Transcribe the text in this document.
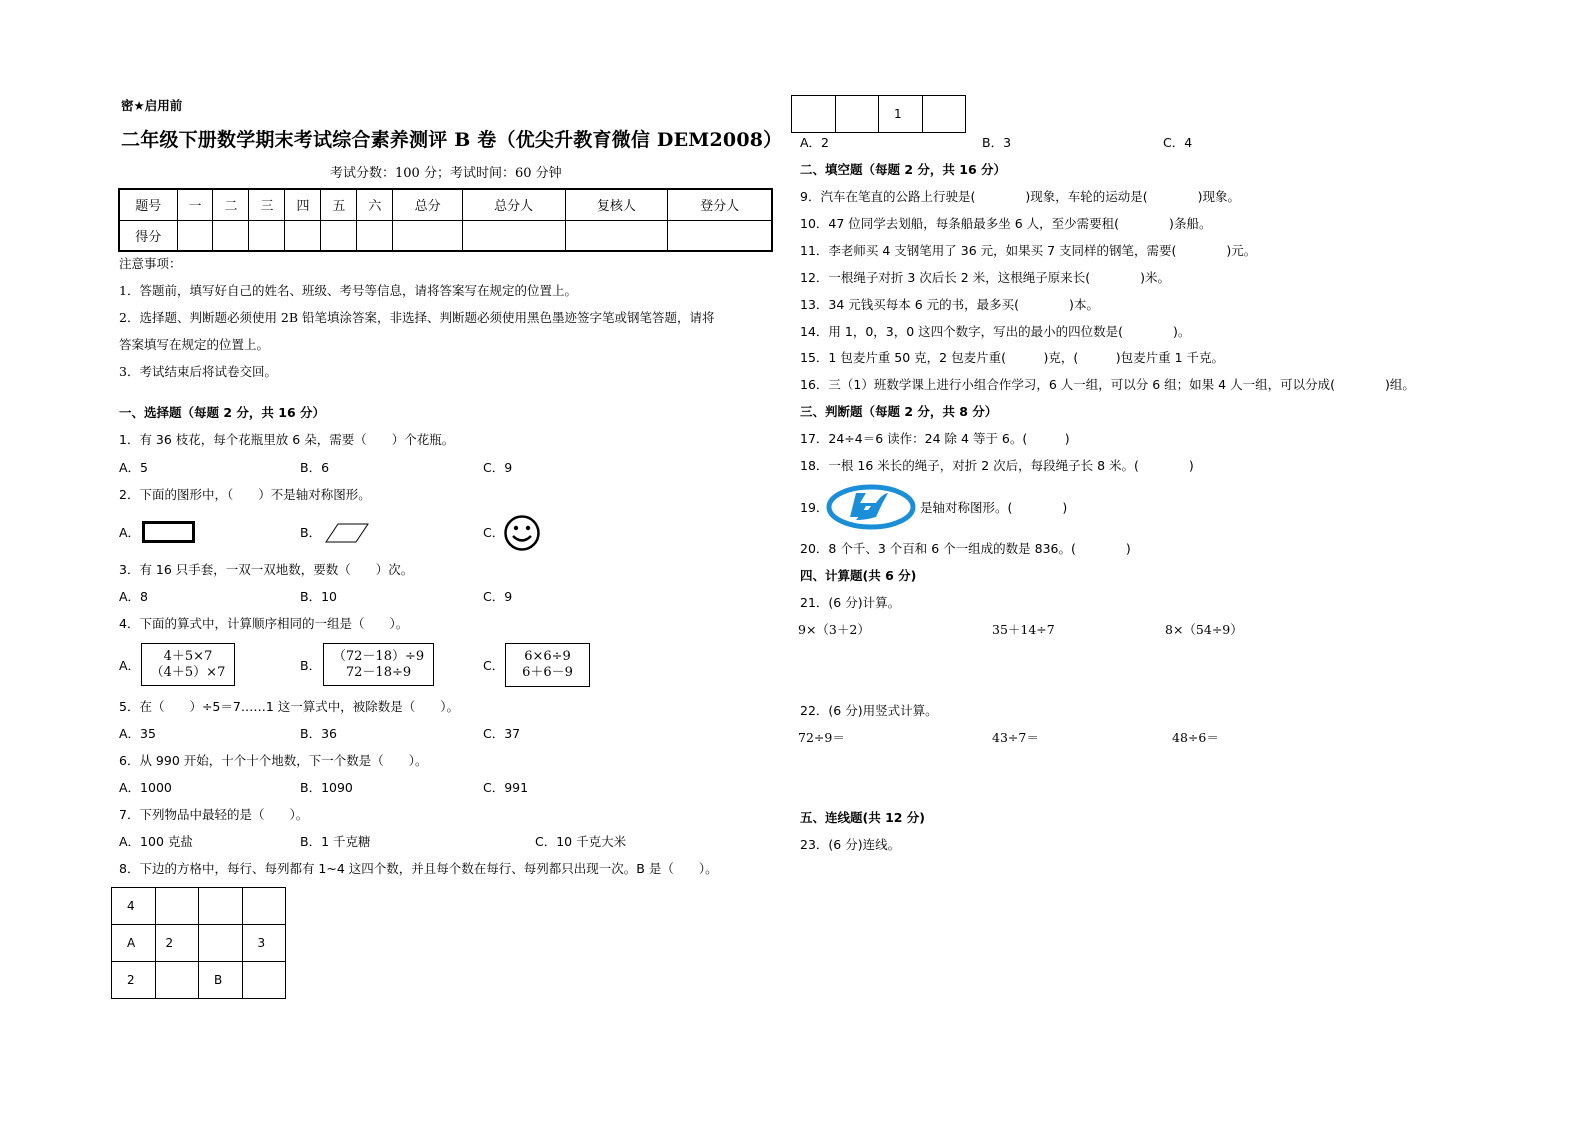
密★启用前
二年级下册数学期末考试综合素养测评 B 卷（优尖升教育微信 DEM2008）
考试分数：100 分；考试时间：60 分钟
题号	一	二	三	四	五	六	总分	总分人	复核人	登分人
得分										
注意事项：
1．答题前，填写好自己的姓名、班级、考号等信息，请将答案写在规定的位置上。
2．选择题、判断题必须使用 2B 铅笔填涂答案，非选择、判断题必须使用黑色墨迹签字笔或钢笔答题，请将
答案填写在规定的位置上。
3．考试结束后将试卷交回。
一、选择题（每题 2 分，共 16 分）
1．有 36 枝花，每个花瓶里放 6 朵，需要（　　）个花瓶。
A．5	B．6	C．9
2．下面的图形中，（　　）不是轴对称图形。
A．	B．	C．
3．有 16 只手套，一双一双地数，要数（　　）次。
A．8	B．10	C．9
4．下面的算式中，计算顺序相同的一组是（　　）。
A．
4＋5×7
（4＋5）×7	B．
（72－18）÷9
72－18÷9	C．
6×6÷9
6＋6－9
5．在（　　）÷5＝7……1 这一算式中，被除数是（　　）。
A．35	B．36	C．37
6．从 990 开始，十个十个地数，下一个数是（　　）。
A．1000	B．1090	C．991
7．下列物品中最轻的是（　　）。
A．100 克盐	B．1 千克糖	C．10 千克大米
8．下边的方格中，每行、每列都有 1~4 这四个数，并且每个数在每行、每列都只出现一次。B 是（　　）。
4			
A	2		3
2		B	
		1	
A．2	B．3	C．4
二、填空题（每题 2 分，共 16 分）
9．汽车在笔直的公路上行驶是(　　　　)现象，车轮的运动是(　　　　)现象。
10．47 位同学去划船，每条船最多坐 6 人，至少需要租(　　　　)条船。
11．李老师买 4 支钢笔用了 36 元，如果买 7 支同样的钢笔，需要(　　　　)元。
12．一根绳子对折 3 次后长 2 米，这根绳子原来长(　　　　)米。
13．34 元钱买每本 6 元的书，最多买(　　　　)本。
14．用 1，0，3，0 这四个数字，写出的最小的四位数是(　　　　)。
15．1 包麦片重 50 克，2 包麦片重(　　　)克，(　　　)包麦片重 1 千克。
16．三（1）班数学课上进行小组合作学习，6 人一组，可以分 6 组；如果 4 人一组，可以分成(　　　　)组。
三、判断题（每题 2 分，共 8 分）
17．24÷4＝6 读作：24 除 4 等于 6。(　　　)
18．一根 16 米长的绳子，对折 2 次后，每段绳子长 8 米。(　　　　)
19．	是轴对称图形。(　　　　)
20．8 个千、3 个百和 6 个一组成的数是 836。(　　　　)
四、计算题(共 6 分)
21．(6 分)计算。
9×（3＋2）	35＋14÷7	8×（54÷9）
22．(6 分)用竖式计算。
72÷9＝	43÷7＝	48÷6＝
五、连线题(共 12 分)
23．(6 分)连线。
